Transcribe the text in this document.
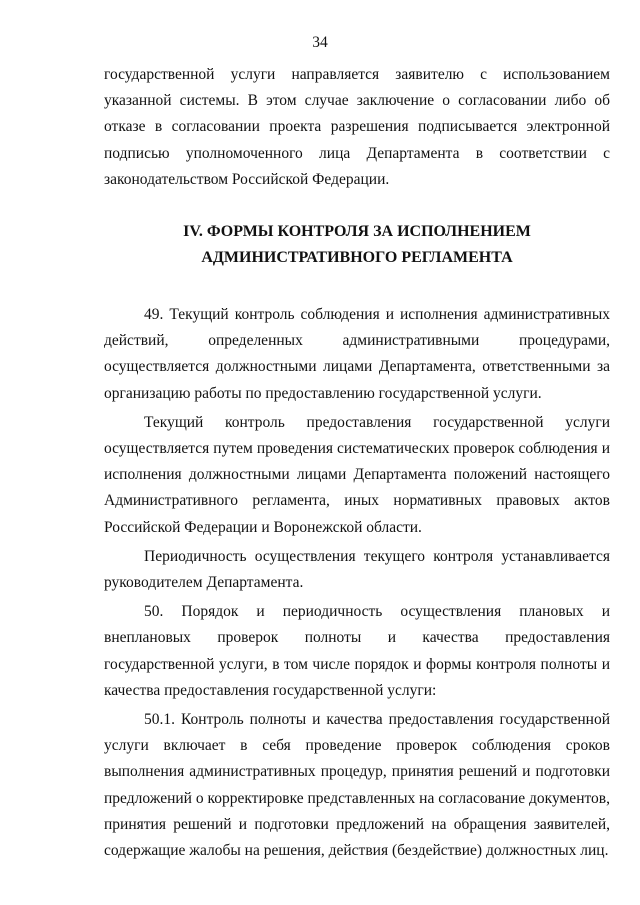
34

государственной услуги направляется заявителю с использованием указанной системы. В этом случае заключение о согласовании либо об отказе в согласовании проекта разрешения подписывается электронной подписью уполномоченного лица Департамента в соответствии с законодательством Российской Федерации.

IV. ФОРМЫ КОНТРОЛЯ ЗА ИСПОЛНЕНИЕМ
АДМИНИСТРАТИВНОГО РЕГЛАМЕНТА

49. Текущий контроль соблюдения и исполнения административных действий, определенных административными процедурами, осуществляется должностными лицами Департамента, ответственными за организацию работы по предоставлению государственной услуги.

Текущий контроль предоставления государственной услуги осуществляется путем проведения систематических проверок соблюдения и исполнения должностными лицами Департамента положений настоящего Административного регламента, иных нормативных правовых актов Российской Федерации и Воронежской области.

Периодичность осуществления текущего контроля устанавливается руководителем Департамента.

50. Порядок и периодичность осуществления плановых и внеплановых проверок полноты и качества предоставления государственной услуги, в том числе порядок и формы контроля полноты и качества предоставления государственной услуги:

50.1. Контроль полноты и качества предоставления государственной услуги включает в себя проведение проверок соблюдения сроков выполнения административных процедур, принятия решений и подготовки предложений о корректировке представленных на согласование документов, принятия решений и подготовки предложений на обращения заявителей, содержащие жалобы на решения, действия (бездействие) должностных лиц.
